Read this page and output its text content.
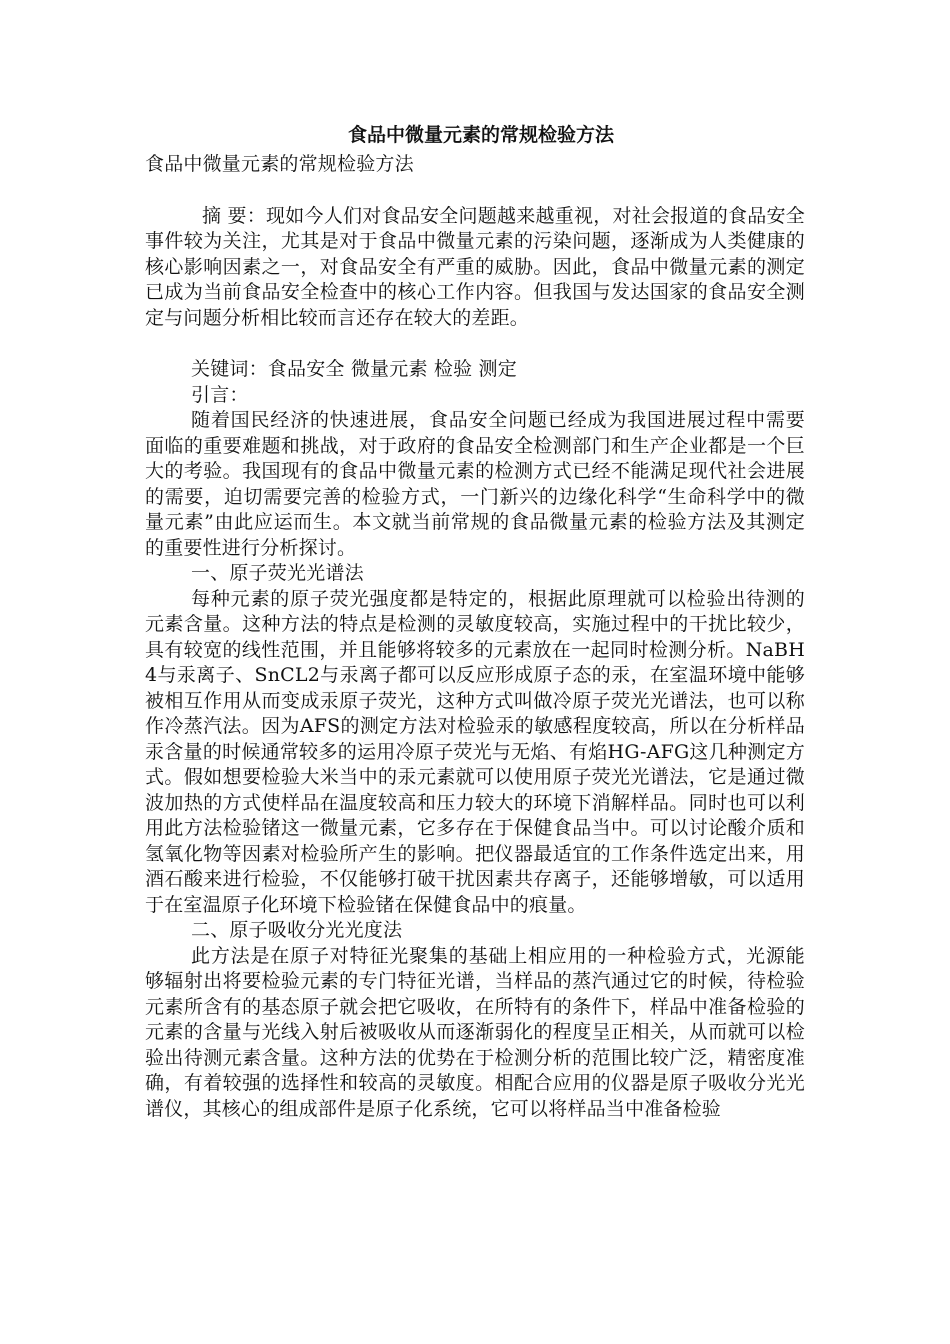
食品中微量元素的常规检验方法

食品中微量元素的常规检验方法

摘 要：现如今人们对食品安全问题越来越重视，对社会报道的食品安全事件较为关注，尤其是对于食品中微量元素的污染问题，逐渐成为人类健康的核心影响因素之一，对食品安全有严重的威胁。因此，食品中微量元素的测定已成为当前食品安全检查中的核心工作内容。但我国与发达国家的食品安全测定与问题分析相比较而言还存在较大的差距。

关键词：食品安全 微量元素 检验 测定

引言：

随着国民经济的快速进展，食品安全问题已经成为我国进展过程中需要面临的重要难题和挑战，对于政府的食品安全检测部门和生产企业都是一个巨大的考验。我国现有的食品中微量元素的检测方式已经不能满足现代社会进展的需要，迫切需要完善的检验方式，一门新兴的边缘化科学“生命科学中的微量元素”由此应运而生。本文就当前常规的食品微量元素的检验方法及其测定的重要性进行分析探讨。

一、原子荧光光谱法

每种元素的原子荧光强度都是特定的，根据此原理就可以检验出待测的元素含量。这种方法的特点是检测的灵敏度较高，实施过程中的干扰比较少，具有较宽的线性范围，并且能够将较多的元素放在一起同时检测分析。NaBH4与汞离子、SnCL2与汞离子都可以反应形成原子态的汞，在室温环境中能够被相互作用从而变成汞原子荧光，这种方式叫做冷原子荧光光谱法，也可以称作冷蒸汽法。因为AFS的测定方法对检验汞的敏感程度较高，所以在分析样品汞含量的时候通常较多的运用冷原子荧光与无焰、有焰HG-AFG这几种测定方式。假如想要检验大米当中的汞元素就可以使用原子荧光光谱法，它是通过微波加热的方式使样品在温度较高和压力较大的环境下消解样品。同时也可以利用此方法检验锗这一微量元素，它多存在于保健食品当中。可以讨论酸介质和氢氧化物等因素对检验所产生的影响。把仪器最适宜的工作条件选定出来，用酒石酸来进行检验，不仅能够打破干扰因素共存离子，还能够增敏，可以适用于在室温原子化环境下检验锗在保健食品中的痕量。

二、原子吸收分光光度法

此方法是在原子对特征光聚集的基础上相应用的一种检验方式，光源能够辐射出将要检验元素的专门特征光谱，当样品的蒸汽通过它的时候，待检验元素所含有的基态原子就会把它吸收，在所特有的条件下，样品中准备检验的元素的含量与光线入射后被吸收从而逐渐弱化的程度呈正相关，从而就可以检验出待测元素含量。这种方法的优势在于检测分析的范围比较广泛，精密度准确，有着较强的选择性和较高的灵敏度。相配合应用的仪器是原子吸收分光光谱仪，其核心的组成部件是原子化系统，它可以将样品当中准备检验
